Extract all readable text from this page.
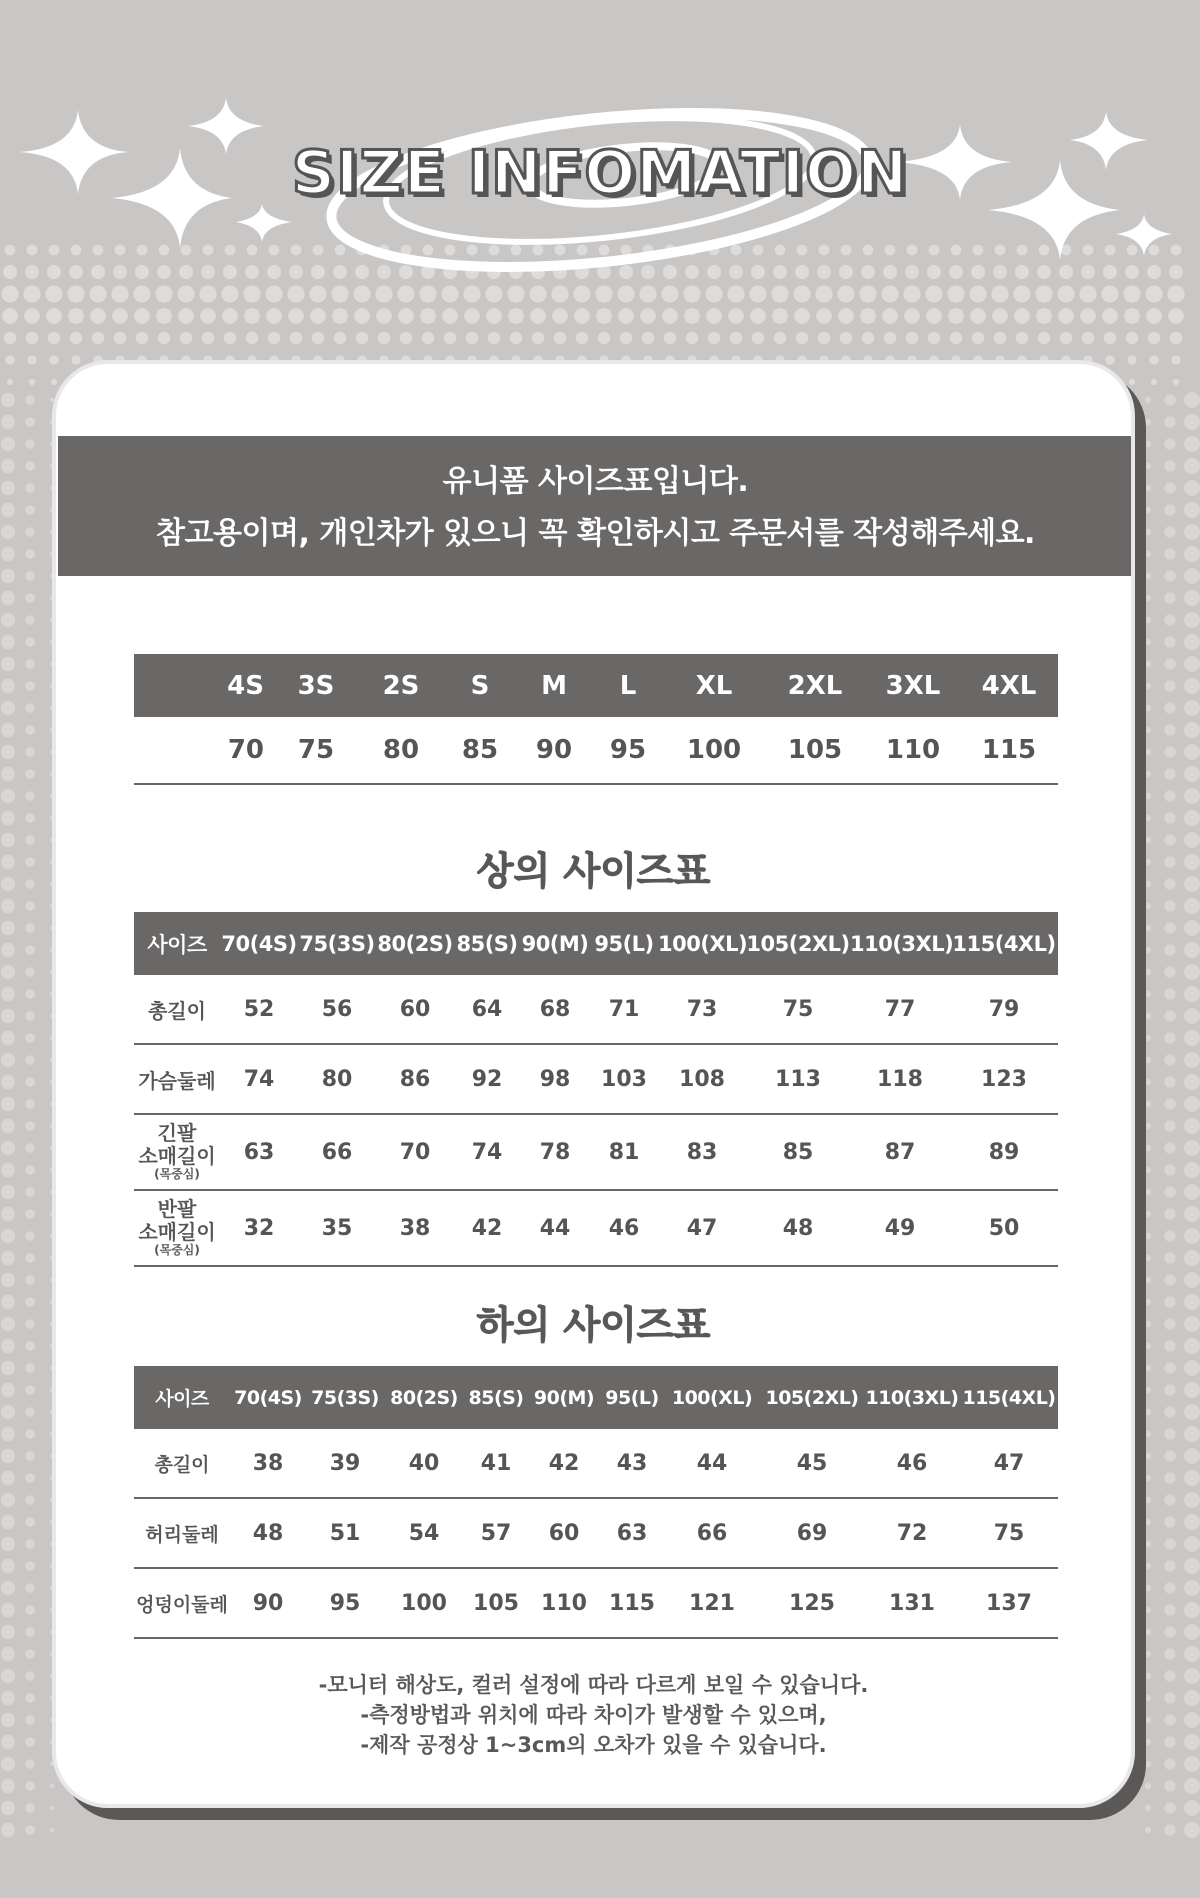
SIZE INFOMATION
유니폼 사이즈표입니다.
참고용이며, 개인차가 있으니 꼭 확인하시고 주문서를 작성해주세요.
4S	3S	2S	S	M	L	XL	2XL	3XL	4XL
70	75	80	85	90	95	100	105	110	115
상의 사이즈표
사이즈 70(4S) 75(3S) 80(2S) 85(S) 90(M) 95(L) 100(XL) 105(2XL) 110(3XL) 115(4XL)
총길이	52	56	60	64	68	71	73	75	77	79
가슴둘레	74	80	86	92	98	103	108	113	118	123
긴팔
소매길이
(목중심)
63	66	70	74	78	81	83	85	87	89
반팔
소매길이
(목중심)
32	35	38	42	44	46	47	48	49	50
하의 사이즈표
사이즈	70(4S) 75(3S) 80(2S) 85(S) 90(M) 95(L) 100(XL) 105(2XL) 110(3XL) 115(4XL)
총길이	38	39	40	41	42	43	44	45	46	47
허리둘레	48	51	54	57	60	63	66	69	72	75
엉덩이둘레	90	95	100	105	110	115	121	125	131	137
-모니터 해상도, 컬러 설정에 따라 다르게 보일 수 있습니다.
-측정방법과 위치에 따라 차이가 발생할 수 있으며,
-제작 공정상 1~3cm의 오차가 있을 수 있습니다.
